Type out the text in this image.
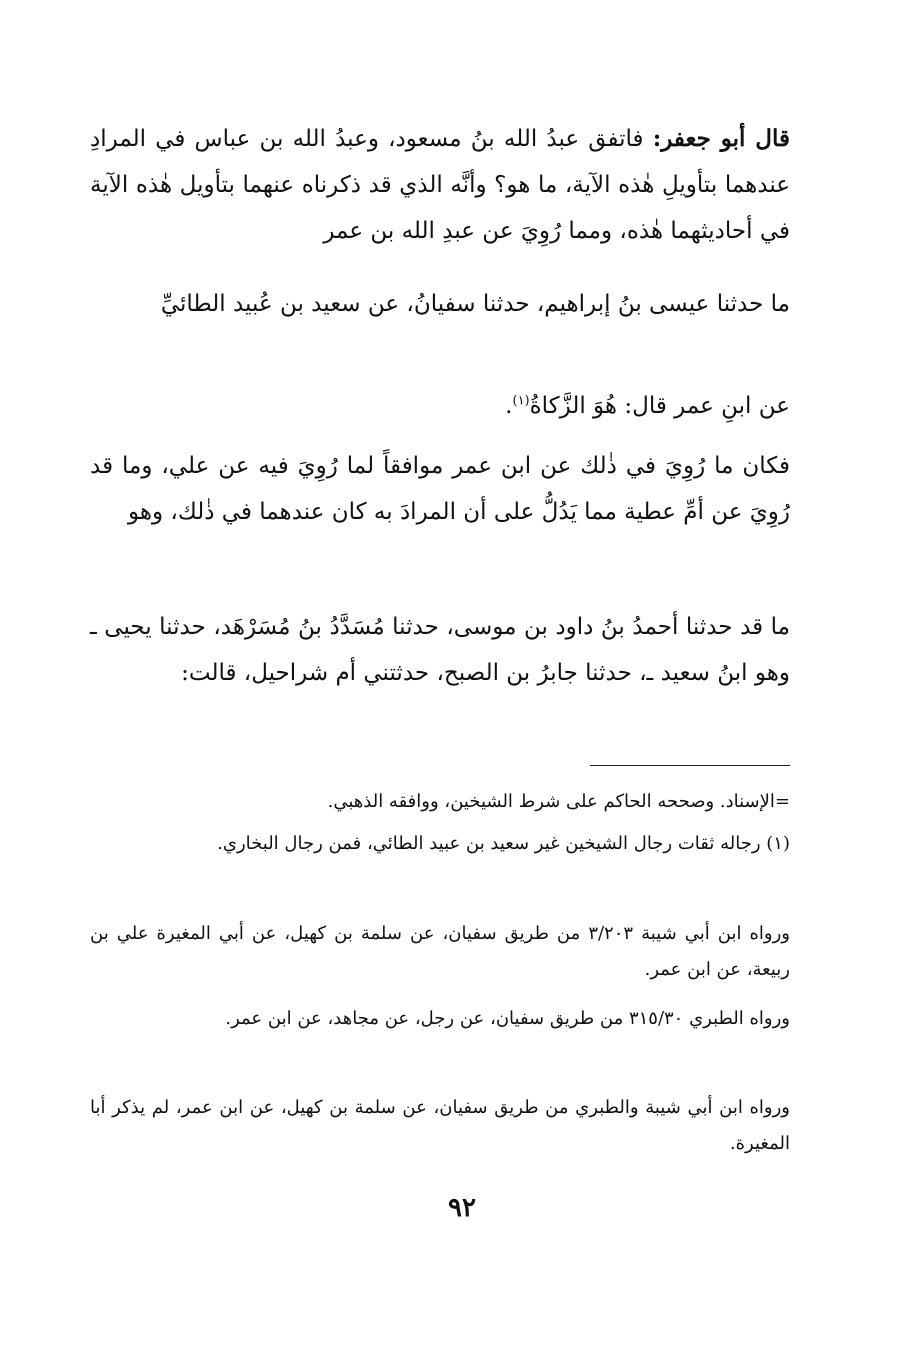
قال أبو جعفر: فاتفق عبدُ الله بنُ مسعود، وعبدُ الله بن عباس في المرادِ عندهما بتأويلِ هٰذه الآية، ما هو؟ وأنَّه الذي قد ذكرناه عنهما بتأويل هٰذه الآية في أحاديثهما هٰذه، ومما رُوِيَ عن عبدِ الله بن عمر
ما حدثنا عيسى بنُ إبراهيم، حدثنا سفيانُ، عن سعيد بن عُبيد الطائيِّ
عن ابنِ عمر قال: هُوَ الزَّكاةُ$^{(١)}$.
فكان ما رُوِيَ في ذٰلك عن ابن عمر موافقاً لما رُوِيَ فيه عن علي، وما قد رُوِيَ عن أمِّ عطية مما يَدُلُّ على أن المرادَ به كان عندهما في ذٰلك، وهو
ما قد حدثنا أحمدُ بنُ داود بن موسى، حدثنا مُسَدَّدُ بنُ مُسَرْهَد، حدثنا يحيى ـ وهو ابنُ سعيد ـ، حدثنا جابرُ بن الصبح، حدثتني أم شراحيل، قالت:
=الإسناد. وصححه الحاكم على شرط الشيخين، ووافقه الذهبي.
(١) رجاله ثقات رجال الشيخين غير سعيد بن عبيد الطائي، فمن رجال البخاري.
ورواه ابن أبي شيبة ٣/٢٠٣ من طريق سفيان، عن سلمة بن كهيل، عن أبي المغيرة علي بن ربيعة، عن ابن عمر.
ورواه الطبري ٣١٥/٣٠ من طريق سفيان، عن رجل، عن مجاهد، عن ابن عمر.
ورواه ابن أبي شيبة والطبري من طريق سفيان، عن سلمة بن كهيل، عن ابن عمر، لم يذكر أبا المغيرة.
٩٢
